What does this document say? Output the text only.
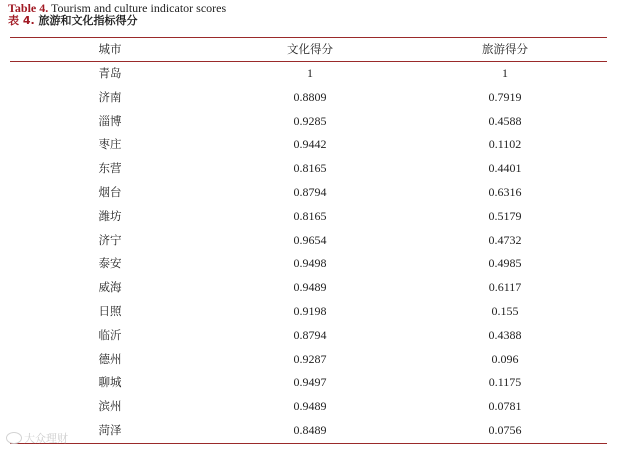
Table 4. Tourism and culture indicator scores
表 4. 旅游和文化指标得分
城市	文化得分	旅游得分
青岛	1	1
济南	0.8809	0.7919
淄博	0.9285	0.4588
枣庄	0.9442	0.1102
东营	0.8165	0.4401
烟台	0.8794	0.6316
潍坊	0.8165	0.5179
济宁	0.9654	0.4732
泰安	0.9498	0.4985
威海	0.9489	0.6117
日照	0.9198	0.155
临沂	0.8794	0.4388
德州	0.9287	0.096
聊城	0.9497	0.1175
滨州	0.9489	0.0781
菏泽	0.8489	0.0756
大众理财
